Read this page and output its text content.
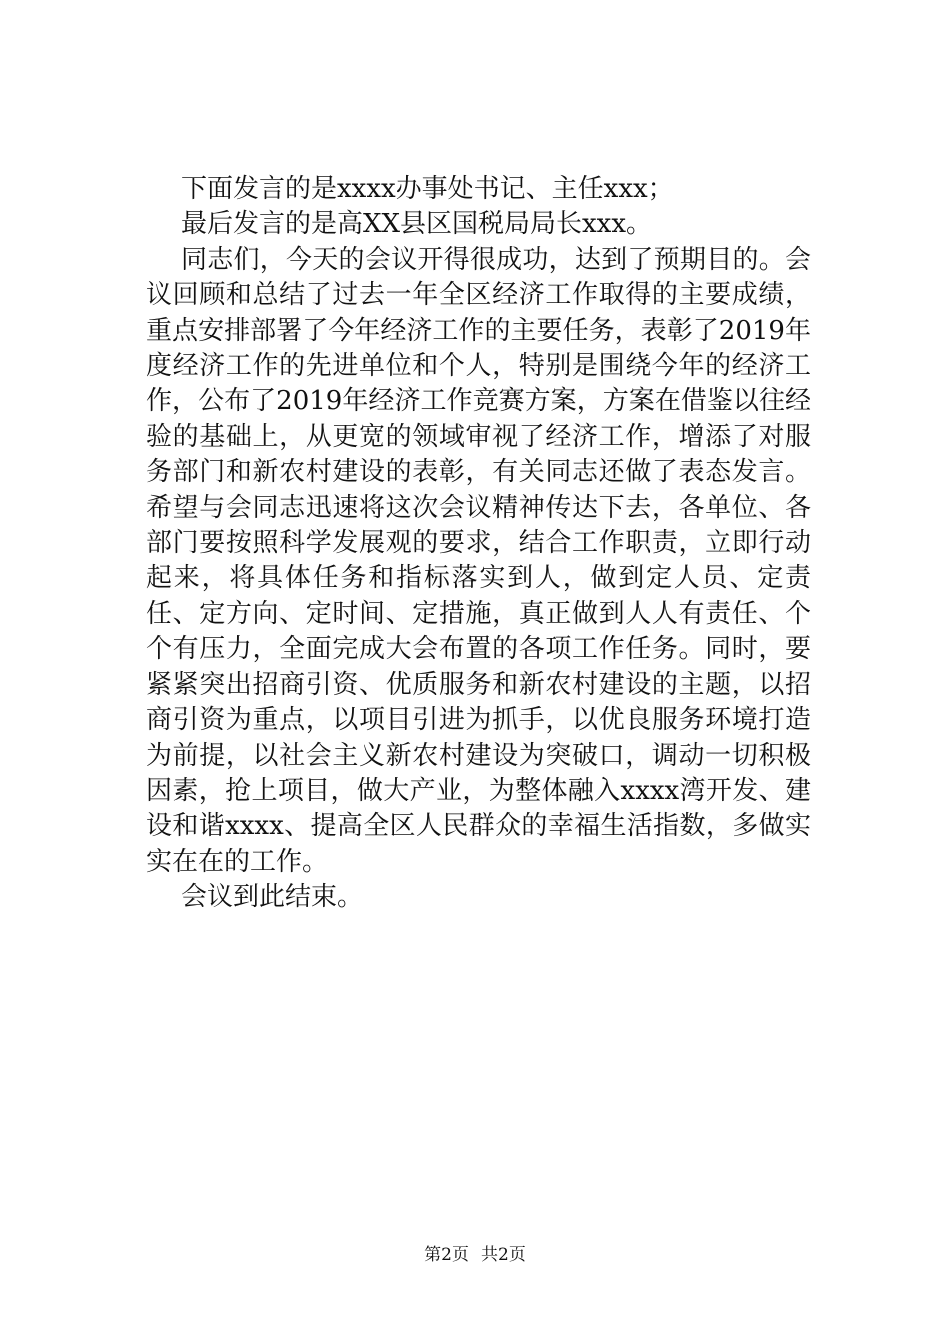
下面发言的是xxxx办事处书记、主任xxx；

最后发言的是高XX县区国税局局长xxx。

同志们，今天的会议开得很成功，达到了预期目的。会议回顾和总结了过去一年全区经济工作取得的主要成绩，重点安排部署了今年经济工作的主要任务，表彰了2019年度经济工作的先进单位和个人，特别是围绕今年的经济工作，公布了2019年经济工作竞赛方案，方案在借鉴以往经验的基础上，从更宽的领域审视了经济工作，增添了对服务部门和新农村建设的表彰，有关同志还做了表态发言。希望与会同志迅速将这次会议精神传达下去，各单位、各部门要按照科学发展观的要求，结合工作职责，立即行动起来，将具体任务和指标落实到人，做到定人员、定责任、定方向、定时间、定措施，真正做到人人有责任、个个有压力，全面完成大会布置的各项工作任务。同时，要紧紧突出招商引资、优质服务和新农村建设的主题，以招商引资为重点，以项目引进为抓手，以优良服务环境打造为前提，以社会主义新农村建设为突破口，调动一切积极因素，抢上项目，做大产业，为整体融入xxxx湾开发、建设和谐xxxx、提高全区人民群众的幸福生活指数，多做实实在在的工作。

会议到此结束。

第2页 共2页
